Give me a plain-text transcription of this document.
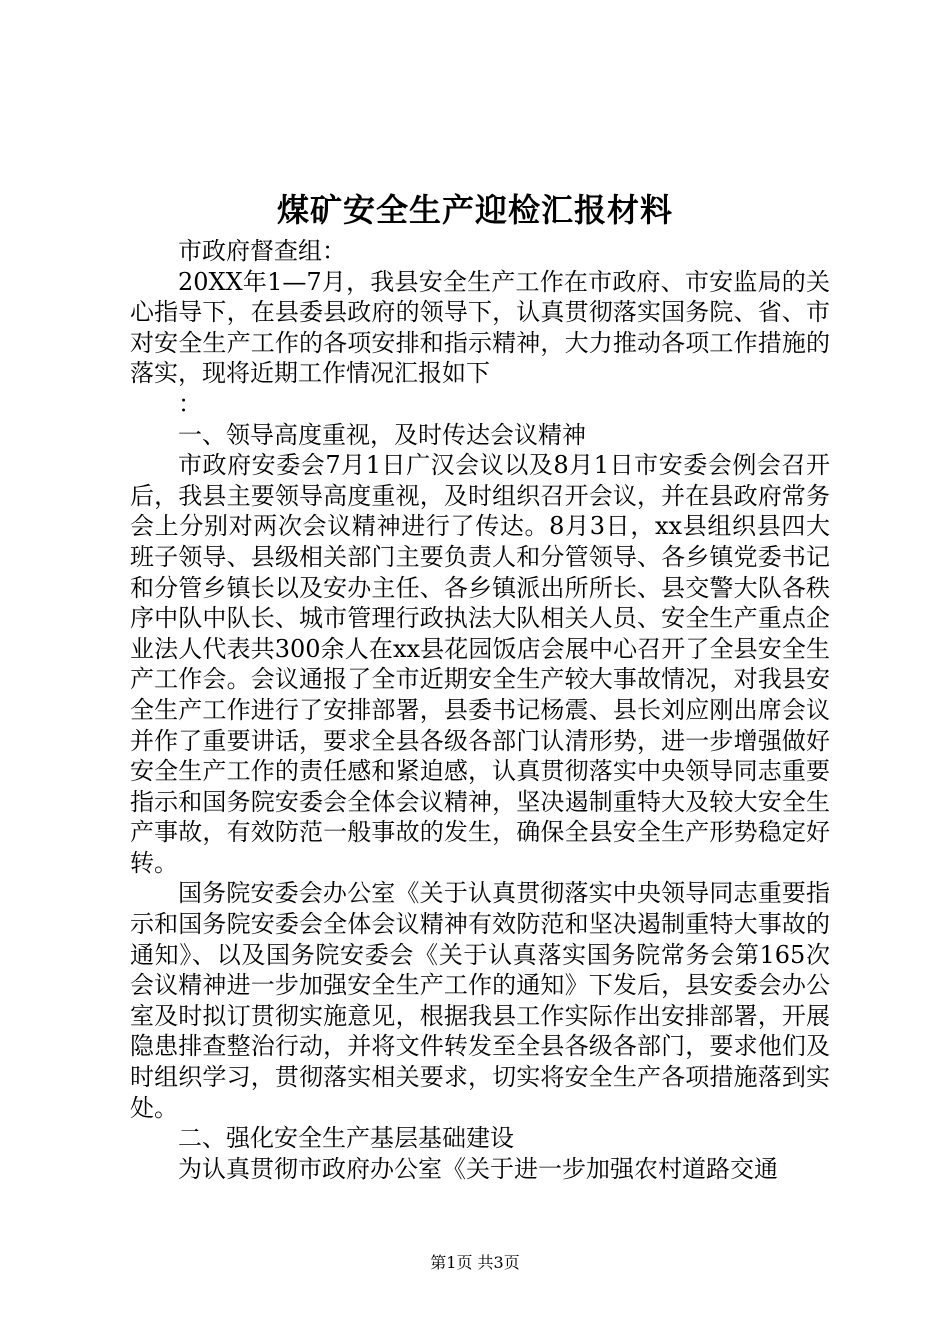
煤矿安全生产迎检汇报材料

市政府督查组：

20XX年1—7月，我县安全生产工作在市政府、市安监局的关心指导下，在县委县政府的领导下，认真贯彻落实国务院、省、市对安全生产工作的各项安排和指示精神，大力推动各项工作措施的落实，现将近期工作情况汇报如下

：

一、领导高度重视，及时传达会议精神

市政府安委会7月1日广汉会议以及8月1日市安委会例会召开后，我县主要领导高度重视，及时组织召开会议，并在县政府常务会上分别对两次会议精神进行了传达。8月3日，xx县组织县四大班子领导、县级相关部门主要负责人和分管领导、各乡镇党委书记和分管乡镇长以及安办主任、各乡镇派出所所长、县交警大队各秩序中队中队长、城市管理行政执法大队相关人员、安全生产重点企业法人代表共300余人在xx县花园饭店会展中心召开了全县安全生产工作会。会议通报了全市近期安全生产较大事故情况，对我县安全生产工作进行了安排部署，县委书记杨震、县长刘应刚出席会议并作了重要讲话，要求全县各级各部门认清形势，进一步增强做好安全生产工作的责任感和紧迫感，认真贯彻落实中央领导同志重要指示和国务院安委会全体会议精神，坚决遏制重特大及较大安全生产事故，有效防范一般事故的发生，确保全县安全生产形势稳定好转。

国务院安委会办公室《关于认真贯彻落实中央领导同志重要指示和国务院安委会全体会议精神有效防范和坚决遏制重特大事故的通知》、以及国务院安委会《关于认真落实国务院常务会第165次会议精神进一步加强安全生产工作的通知》下发后，县安委会办公室及时拟订贯彻实施意见，根据我县工作实际作出安排部署，开展隐患排查整治行动，并将文件转发至全县各级各部门，要求他们及时组织学习，贯彻落实相关要求，切实将安全生产各项措施落到实处。

二、强化安全生产基层基础建设

为认真贯彻市政府办公室《关于进一步加强农村道路交通

第1页 共3页
